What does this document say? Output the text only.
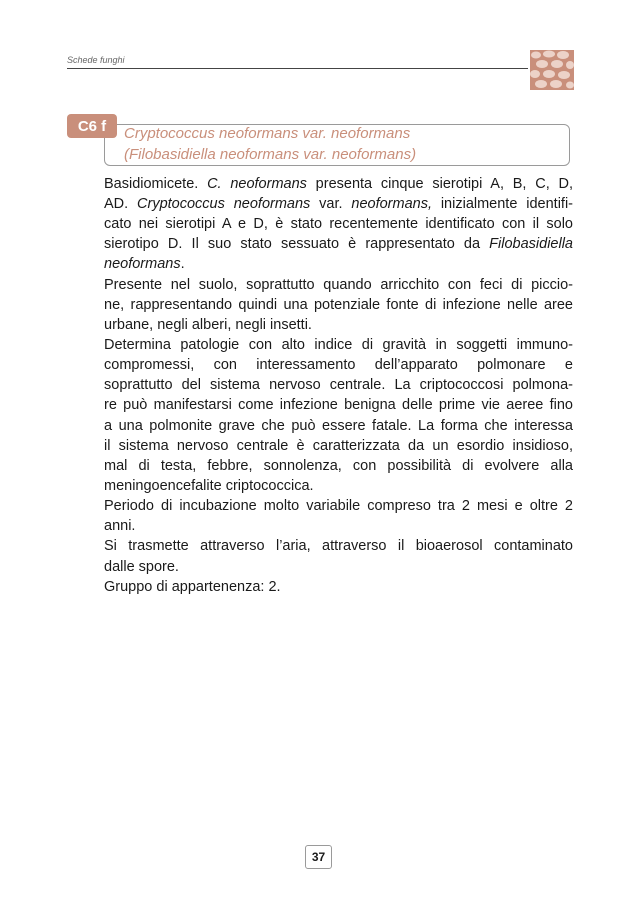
Schede funghi
C6 f	Cryptococcus neoformans var. neoformans
(Filobasidiella neoformans var. neoformans)
Basidiomicete. C. neoformans presenta cinque sierotipi A, B, C, D,
AD. Cryptococcus neoformans var. neoformans, inizialmente identifi-
cato nei sierotipi A e D, è stato recentemente identificato con il solo
sierotipo D. Il suo stato sessuato è rappresentato da Filobasidiella
neoformans.
Presente nel suolo, soprattutto quando arricchito con feci di piccio-
ne, rappresentando quindi una potenziale fonte di infezione nelle aree
urbane, negli alberi, negli insetti.
Determina patologie con alto indice di gravità in soggetti immuno-
compromessi, con interessamento dell’apparato polmonare e
soprattutto del sistema nervoso centrale. La criptococcosi polmona-
re può manifestarsi come infezione benigna delle prime vie aeree fino
a una polmonite grave che può essere fatale. La forma che interessa
il sistema nervoso centrale è caratterizzata da un esordio insidioso,
mal di testa, febbre, sonnolenza, con possibilità di evolvere alla
meningoencefalite criptococcica.
Periodo di incubazione molto variabile compreso tra 2 mesi e oltre 2
anni.
Si trasmette attraverso l’aria, attraverso il bioaerosol contaminato
dalle spore.
Gruppo di appartenenza: 2.
37
